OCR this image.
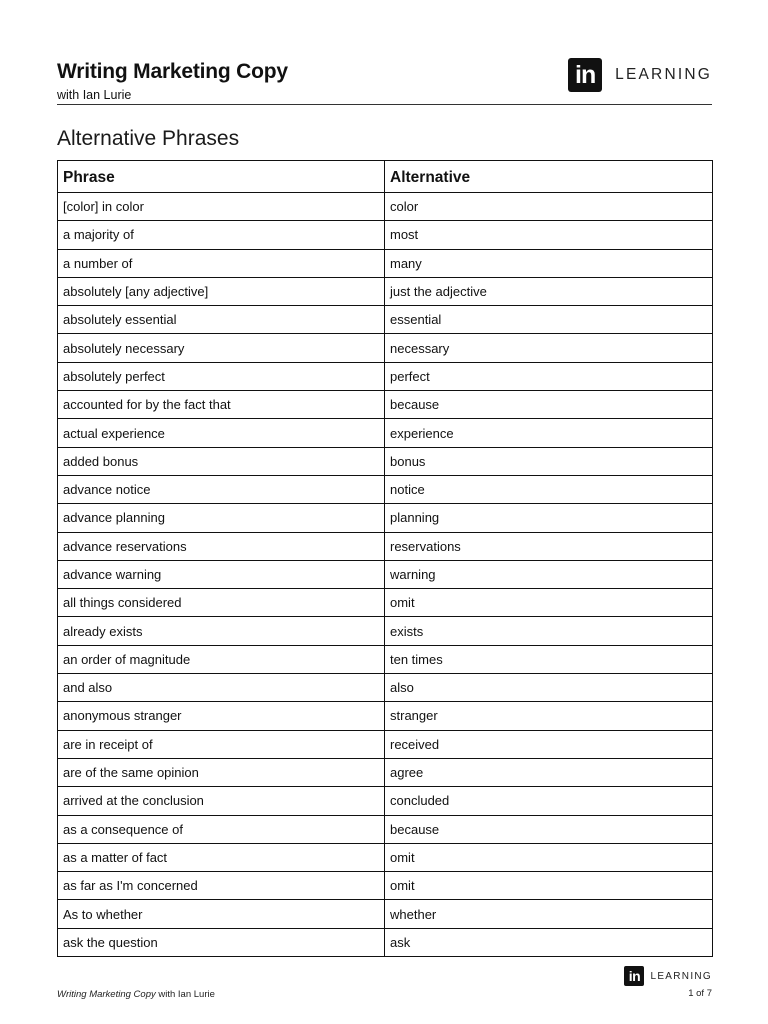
Writing Marketing Copy
with Ian Lurie
in	LEARNING
Alternative Phrases
Phrase	Alternative
[color] in color	color
a majority of	most
a number of	many
absolutely [any adjective]	just the adjective
absolutely essential	essential
absolutely necessary	necessary
absolutely perfect	perfect
accounted for by the fact that	because
actual experience	experience
added bonus	bonus
advance notice	notice
advance planning	planning
advance reservations	reservations
advance warning	warning
all things considered	omit
already exists	exists
an order of magnitude	ten times
and also	also
anonymous stranger	stranger
are in receipt of	received
are of the same opinion	agree
arrived at the conclusion	concluded
as a consequence of	because
as a matter of fact	omit
as far as I'm concerned	omit
As to whether	whether
ask the question	ask
in	LEARNING
Writing Marketing Copy with Ian Lurie	1 of 7
